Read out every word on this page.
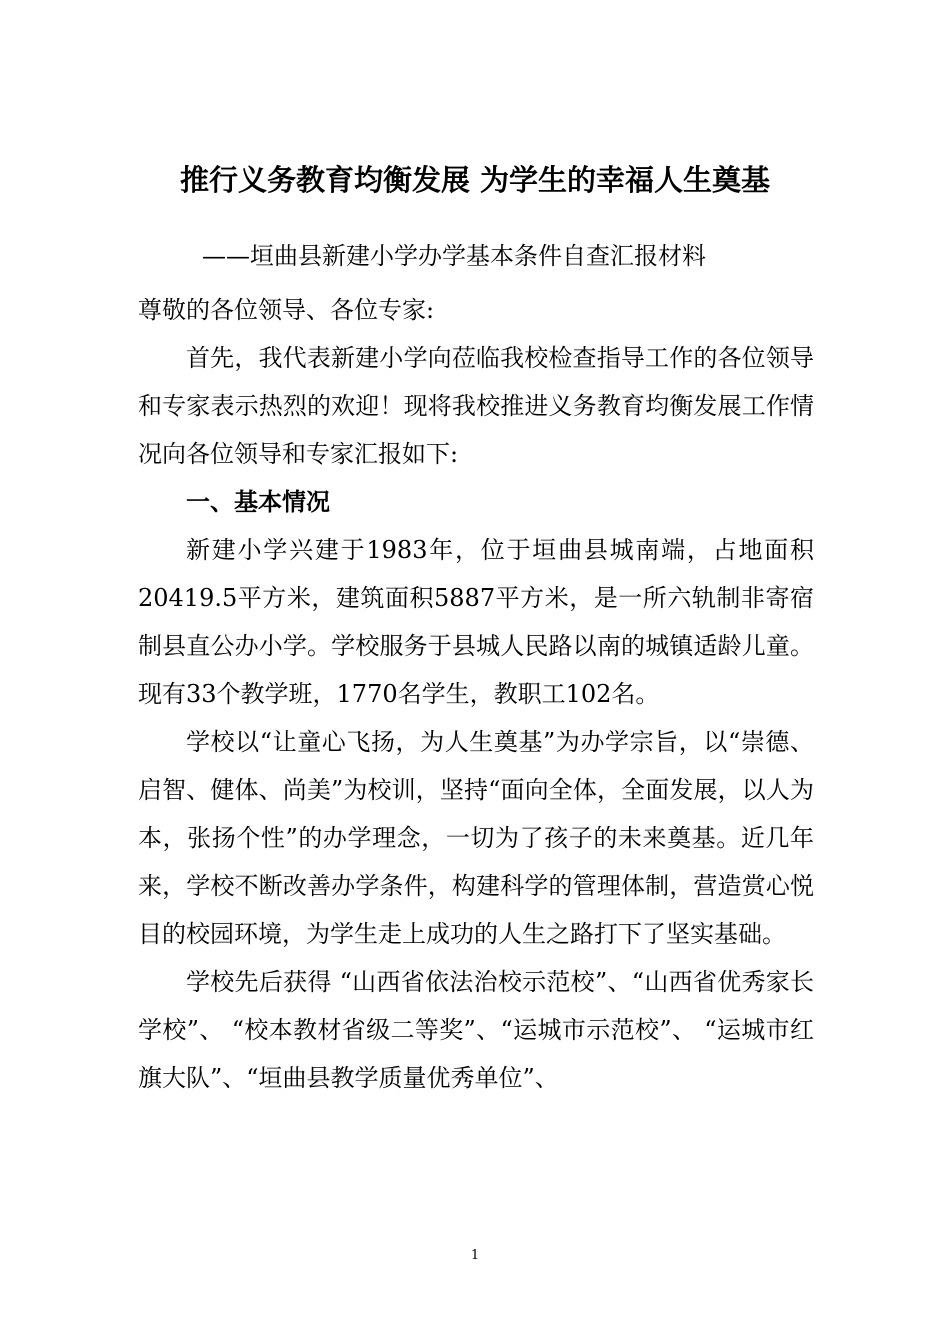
推行义务教育均衡发展 为学生的幸福人生奠基
——垣曲县新建小学办学基本条件自查汇报材料

尊敬的各位领导、各位专家:

首先，我代表新建小学向莅临我校检查指导工作的各位领导和专家表示热烈的欢迎！现将我校推进义务教育均衡发展工作情况向各位领导和专家汇报如下:

一、基本情况

新建小学兴建于1983年，位于垣曲县城南端，占地面积20419.5平方米，建筑面积5887平方米，是一所六轨制非寄宿制县直公办小学。学校服务于县城人民路以南的城镇适龄儿童。现有33个教学班，1770名学生，教职工102名。

学校以“让童心飞扬，为人生奠基”为办学宗旨，以“崇德、启智、健体、尚美”为校训，坚持“面向全体，全面发展，以人为本，张扬个性”的办学理念，一切为了孩子的未来奠基。近几年来，学校不断改善办学条件，构建科学的管理体制，营造赏心悦目的校园环境，为学生走上成功的人生之路打下了坚实基础。

学校先后获得 “山西省依法治校示范校”、“山西省优秀家长学校”、 “校本教材省级二等奖”、“运城市示范校”、 “运城市红旗大队”、“垣曲县教学质量优秀单位”、

1
